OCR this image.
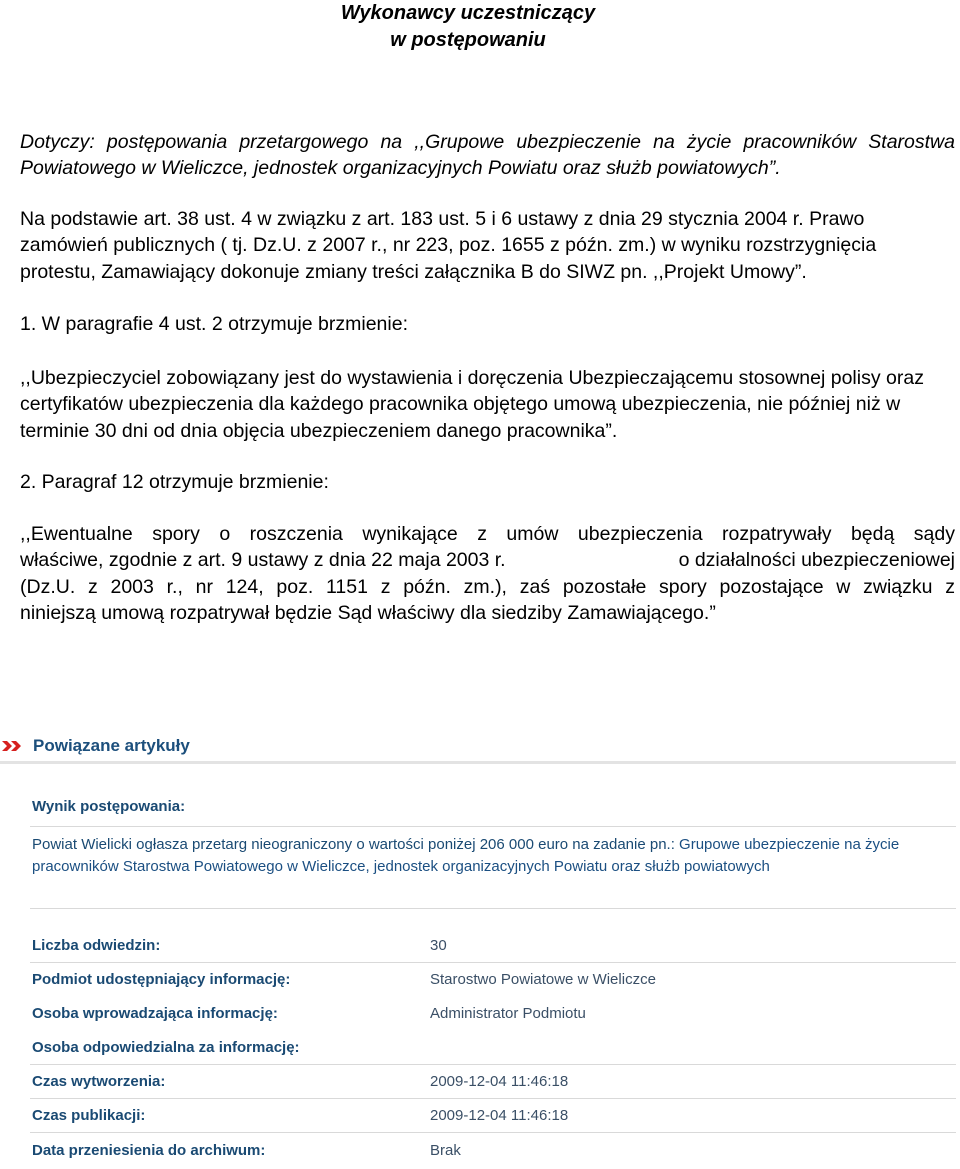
Wykonawcy uczestniczący
w postępowaniu
Dotyczy: postępowania przetargowego na ,,Grupowe ubezpieczenie na życie pracowników Starostwa Powiatowego w Wieliczce, jednostek organizacyjnych Powiatu oraz służb powiatowych”.
Na podstawie art. 38 ust. 4 w związku z art. 183 ust. 5 i 6 ustawy z dnia 29 stycznia 2004 r. Prawo zamówień publicznych ( tj. Dz.U. z 2007 r., nr 223, poz. 1655 z późn. zm.) w wyniku rozstrzygnięcia protestu, Zamawiający dokonuje zmiany treści załącznika B do SIWZ pn. ,,Projekt Umowy”.
1. W paragrafie 4 ust. 2 otrzymuje brzmienie:
,,Ubezpieczyciel zobowiązany jest do wystawienia i doręczenia Ubezpieczającemu stosownej polisy oraz certyfikatów ubezpieczenia dla każdego pracownika objętego umową ubezpieczenia, nie później niż w terminie 30 dni od dnia objęcia ubezpieczeniem danego pracownika”.
2. Paragraf 12 otrzymuje brzmienie:
,,Ewentualne spory o roszczenia wynikające z umów ubezpieczenia rozpatrywały będą sądy
właściwe, zgodnie z art. 9 ustawy z dnia 22 maja 2003 r.	o działalności ubezpieczeniowej
(Dz.U. z 2003 r., nr 124, poz. 1151 z późn. zm.), zaś pozostałe spory pozostające w związku z
niniejszą umową rozpatrywał będzie Sąd właściwy dla siedziby Zamawiającego.”
Powiązane artykuły
Wynik postępowania:
Powiat Wielicki ogłasza przetarg nieograniczony o wartości poniżej 206 000 euro na zadanie pn.: Grupowe ubezpieczenie na życie pracowników Starostwa Powiatowego w Wieliczce, jednostek organizacyjnych Powiatu oraz służb powiatowych
Liczba odwiedzin:	30
Podmiot udostępniający informację:	Starostwo Powiatowe w Wieliczce
Osoba wprowadzająca informację:	Administrator Podmiotu
Osoba odpowiedzialna za informację:
Czas wytworzenia:	2009-12-04 11:46:18
Czas publikacji:	2009-12-04 11:46:18
Data przeniesienia do archiwum:	Brak
